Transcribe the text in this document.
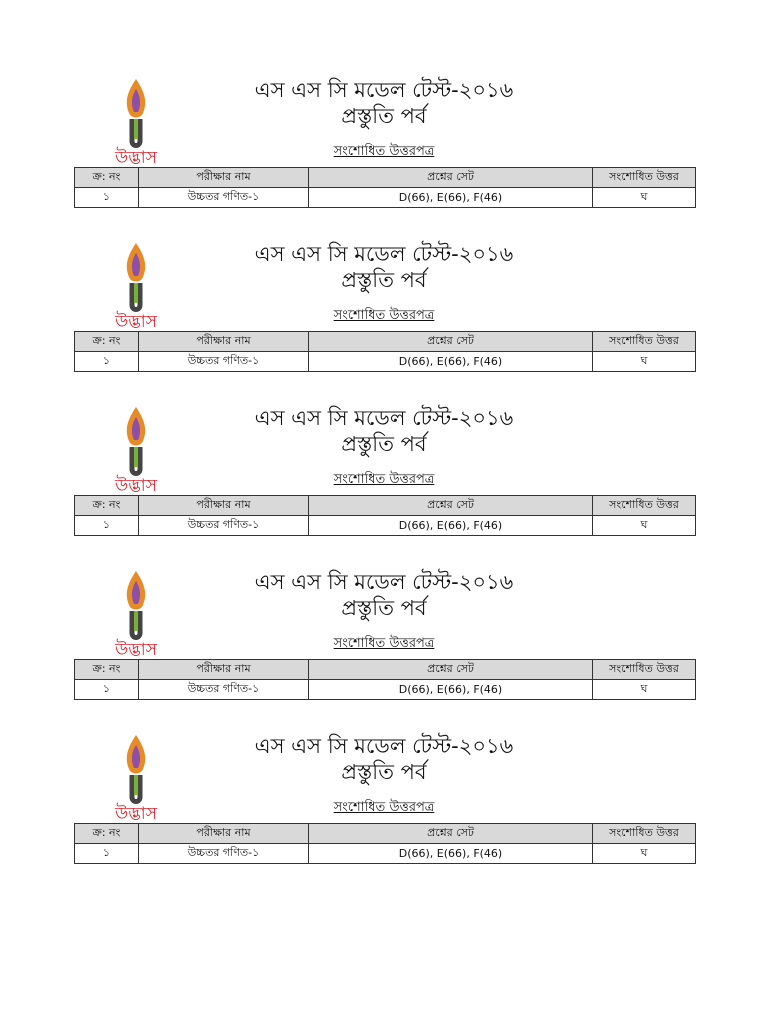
উদ্ভাস
এস এস সি মডেল টেস্ট-২০১৬
প্রস্তুতি পর্ব
সংশোধিত উত্তরপত্র
ক্র: নং	পরীক্ষার নাম	প্রশ্নের সেট	সংশোধিত উত্তর
১	উচ্চতর গণিত-১	D(66), E(66), F(46)	ঘ
উদ্ভাস
এস এস সি মডেল টেস্ট-২০১৬
প্রস্তুতি পর্ব
সংশোধিত উত্তরপত্র
ক্র: নং	পরীক্ষার নাম	প্রশ্নের সেট	সংশোধিত উত্তর
১	উচ্চতর গণিত-১	D(66), E(66), F(46)	ঘ
উদ্ভাস
এস এস সি মডেল টেস্ট-২০১৬
প্রস্তুতি পর্ব
সংশোধিত উত্তরপত্র
ক্র: নং	পরীক্ষার নাম	প্রশ্নের সেট	সংশোধিত উত্তর
১	উচ্চতর গণিত-১	D(66), E(66), F(46)	ঘ
উদ্ভাস
এস এস সি মডেল টেস্ট-২০১৬
প্রস্তুতি পর্ব
সংশোধিত উত্তরপত্র
ক্র: নং	পরীক্ষার নাম	প্রশ্নের সেট	সংশোধিত উত্তর
১	উচ্চতর গণিত-১	D(66), E(66), F(46)	ঘ
উদ্ভাস
এস এস সি মডেল টেস্ট-২০১৬
প্রস্তুতি পর্ব
সংশোধিত উত্তরপত্র
ক্র: নং	পরীক্ষার নাম	প্রশ্নের সেট	সংশোধিত উত্তর
১	উচ্চতর গণিত-১	D(66), E(66), F(46)	ঘ
